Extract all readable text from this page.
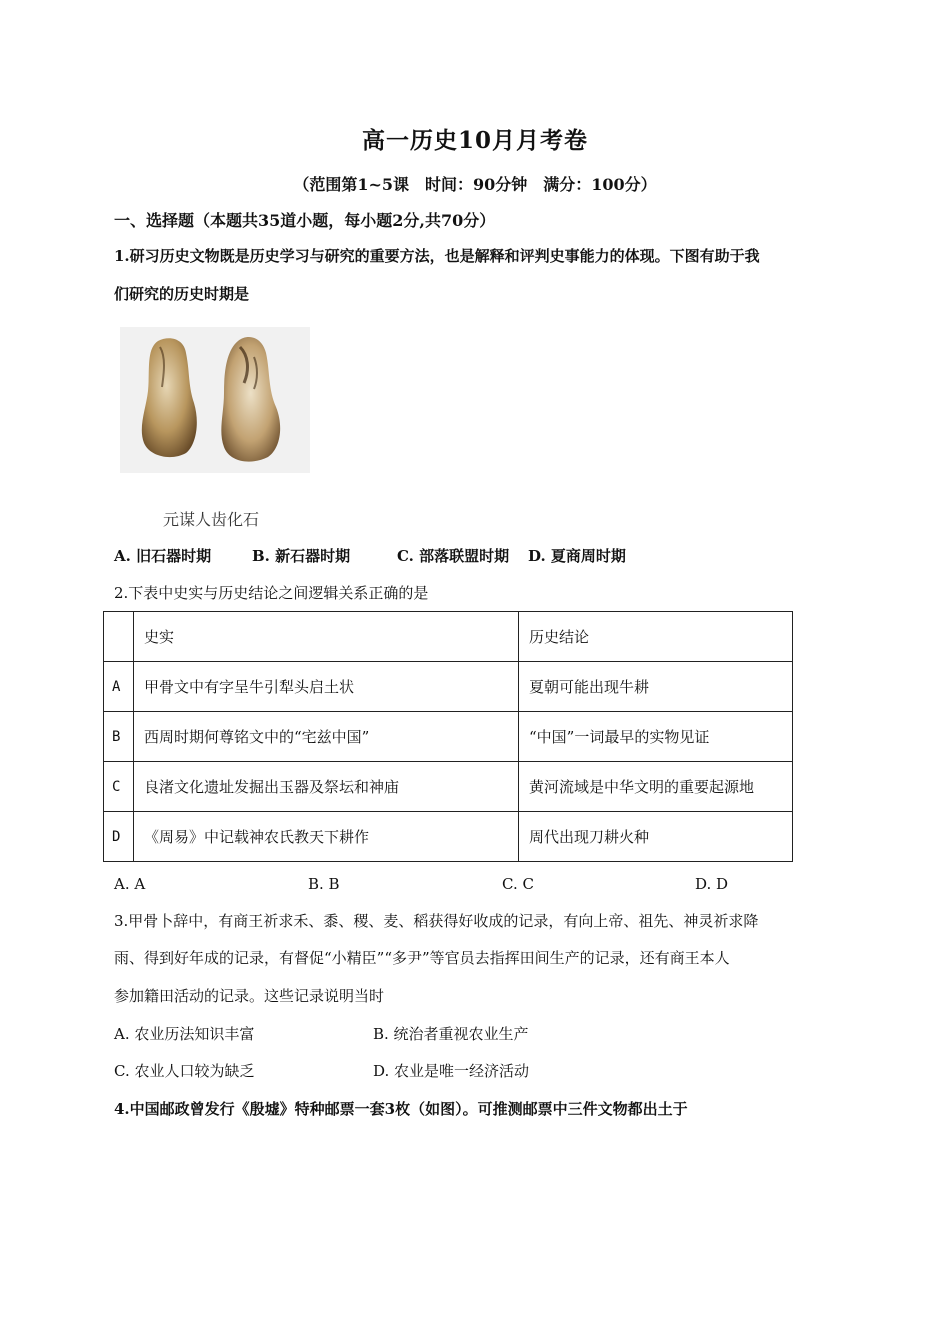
高一历史10月月考卷
（范围第1~5课　时间：90分钟　满分：100分）
一、选择题（本题共35道小题，每小题2分,共70分）
1.研习历史文物既是历史学习与研究的重要方法，也是解释和评判史事能力的体现。下图有助于我
们研究的历史时期是
元谋人齿化石
A. 旧石器时期	B. 新石器时期	C. 部落联盟时期 D. 夏商周时期
2.下表中史实与历史结论之间逻辑关系正确的是
	史实	历史结论
A	甲骨文中有字呈牛引犁头启土状	夏朝可能出现牛耕
B	西周时期何尊铭文中的“宅兹中国”	“中国”一词最早的实物见证
C	良渚文化遗址发掘出玉器及祭坛和神庙	黄河流域是中华文明的重要起源地
D	《周易》中记载神农氏教天下耕作	周代出现刀耕火种
A. A	B. B	C. C	D. D
3.甲骨卜辞中，有商王祈求禾、黍、稷、麦、稻获得好收成的记录，有向上帝、祖先、神灵祈求降
雨、得到好年成的记录，有督促“小精臣”“多尹”等官员去指挥田间生产的记录，还有商王本人
参加籍田活动的记录。这些记录说明当时
A. 农业历法知识丰富	B. 统治者重视农业生产
C. 农业人口较为缺乏	D. 农业是唯一经济活动
4.中国邮政曾发行《殷墟》特种邮票一套3枚（如图）。可推测邮票中三件文物都出土于
